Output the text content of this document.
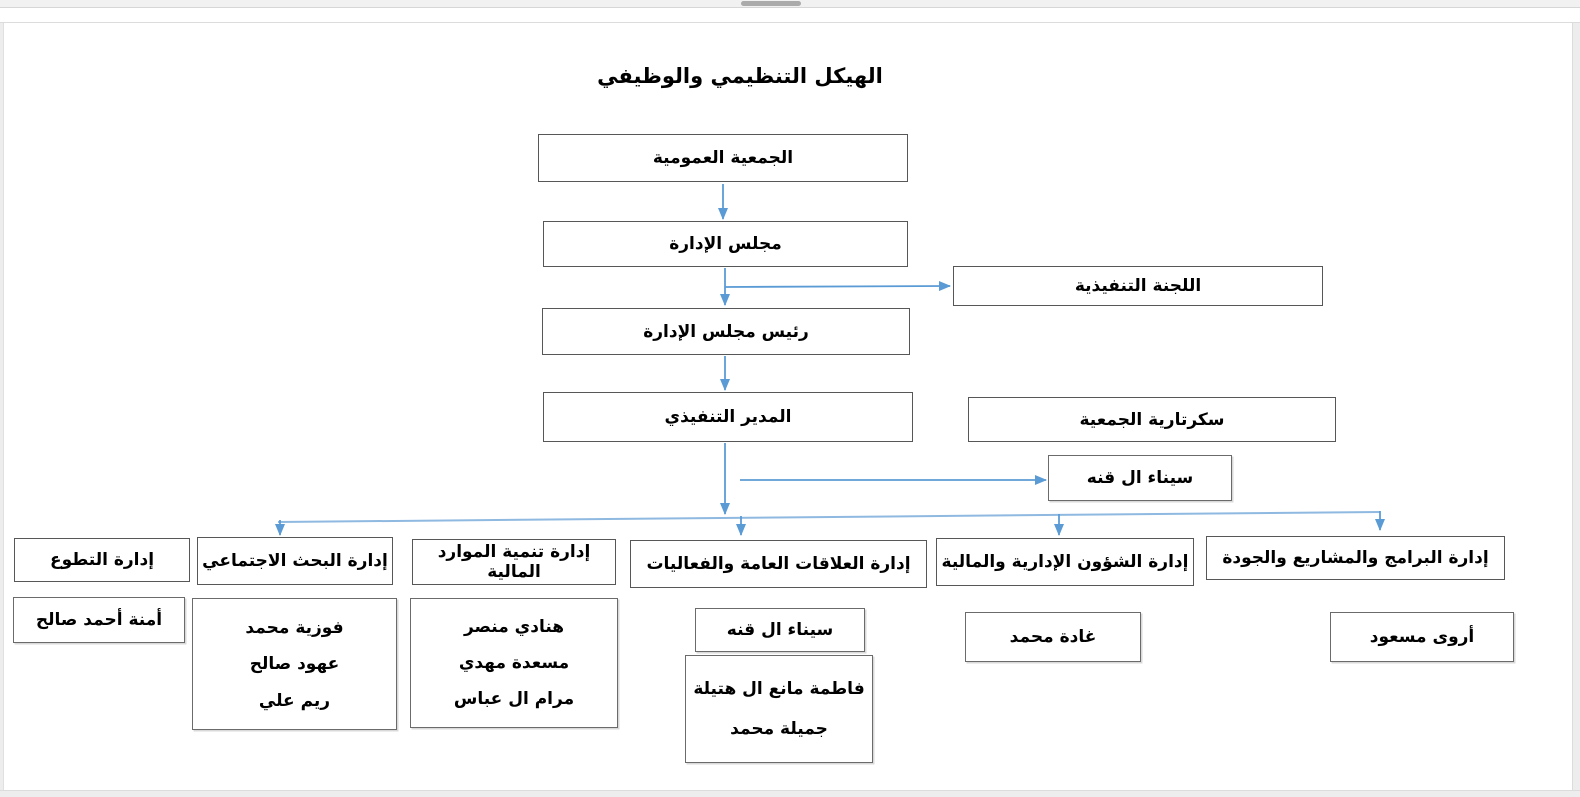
الهيكل التنظيمي والوظيفي
الجمعية العمومية
مجلس الإدارة
اللجنة التنفيذية
رئيس مجلس الإدارة
المدير التنفيذي	سكرتارية الجمعية
سيناء ال قنه
إدارة التطوع	إدارة البحث الاجتماعي	إدارة تنمية الموارد المالية	إدارة العلاقات العامة والفعاليات إدارة الشؤون الإدارية والمالية إدارة البرامج والمشاريع والجودة
أمنة أحمد صالح	فوزية محمد
عهود صالح
ريم علي
هنادي منصر
مسعدة مهدي
مرام ال عباس
سيناء ال قنه
فاطمة مانع ال هتيلة
جميلة محمد
غادة محمد	أروى مسعود
